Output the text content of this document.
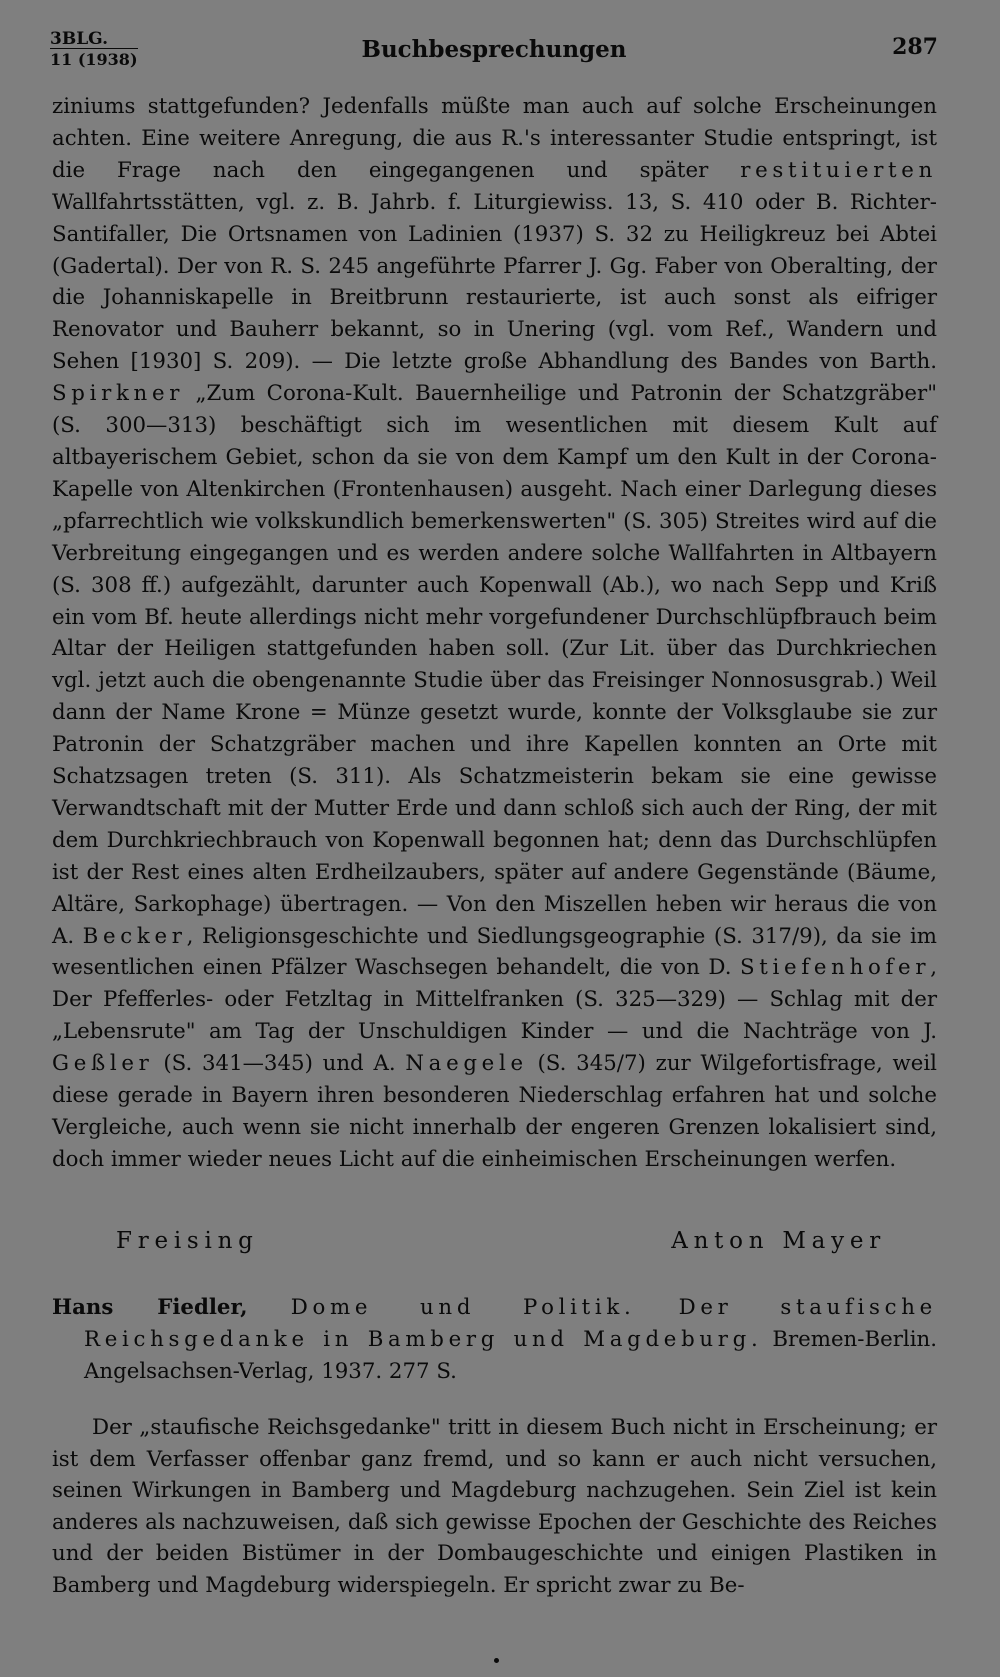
3BLG.
11 (1938)	Buchbesprechungen	287

ziniums stattgefunden? Jedenfalls müßte man auch auf solche Erscheinungen achten. Eine weitere Anregung, die aus R.'s interessanter Studie entspringt, ist die Frage nach den eingegangenen und später restituierten Wallfahrtsstätten, vgl. z. B. Jahrb. f. Liturgiewiss. 13, S. 410 oder B. Richter-Santifaller, Die Ortsnamen von Ladinien (1937) S. 32 zu Heiligkreuz bei Abtei (Gadertal). Der von R. S. 245 angeführte Pfarrer J. Gg. Faber von Oberalting, der die Johanniskapelle in Breitbrunn restaurierte, ist auch sonst als eifriger Renovator und Bauherr bekannt, so in Unering (vgl. vom Ref., Wandern und Sehen [1930] S. 209). — Die letzte große Abhandlung des Bandes von Barth. Spirkner „Zum Corona-Kult. Bauernheilige und Patronin der Schatzgräber" (S. 300—313) beschäftigt sich im wesentlichen mit diesem Kult auf altbayerischem Gebiet, schon da sie von dem Kampf um den Kult in der Corona-Kapelle von Altenkirchen (Frontenhausen) ausgeht. Nach einer Darlegung dieses „pfarrechtlich wie volkskundlich bemerkenswerten" (S. 305) Streites wird auf die Verbreitung eingegangen und es werden andere solche Wallfahrten in Altbayern (S. 308 ff.) aufgezählt, darunter auch Kopenwall (Ab.), wo nach Sepp und Kriß ein vom Bf. heute allerdings nicht mehr vorgefundener Durchschlüpfbrauch beim Altar der Heiligen stattgefunden haben soll. (Zur Lit. über das Durchkriechen vgl. jetzt auch die obengenannte Studie über das Freisinger Nonnosusgrab.) Weil dann der Name Krone = Münze gesetzt wurde, konnte der Volksglaube sie zur Patronin der Schatzgräber machen und ihre Kapellen konnten an Orte mit Schatzsagen treten (S. 311). Als Schatzmeisterin bekam sie eine gewisse Verwandtschaft mit der Mutter Erde und dann schloß sich auch der Ring, der mit dem Durchkriechbrauch von Kopenwall begonnen hat; denn das Durchschlüpfen ist der Rest eines alten Erdheilzaubers, später auf andere Gegenstände (Bäume, Altäre, Sarkophage) übertragen. — Von den Miszellen heben wir heraus die von A. Becker, Religionsgeschichte und Siedlungsgeographie (S. 317/9), da sie im wesentlichen einen Pfälzer Waschsegen behandelt, die von D. Stiefenhofer, Der Pfefferles- oder Fetzltag in Mittelfranken (S. 325—329) — Schlag mit der „Lebensrute" am Tag der Unschuldigen Kinder — und die Nachträge von J. Geßler (S. 341—345) und A. Naegele (S. 345/7) zur Wilgefortisfrage, weil diese gerade in Bayern ihren besonderen Niederschlag erfahren hat und solche Vergleiche, auch wenn sie nicht innerhalb der engeren Grenzen lokalisiert sind, doch immer wieder neues Licht auf die einheimischen Erscheinungen werfen.

Freising	Anton Mayer
Hans Fiedler, Dome und Politik. Der staufische Reichsgedanke in Bamberg und Magdeburg. Bremen-Berlin. Angelsachsen-Verlag, 1937. 277 S.
Der „staufische Reichsgedanke" tritt in diesem Buch nicht in Erscheinung; er ist dem Verfasser offenbar ganz fremd, und so kann er auch nicht versuchen, seinen Wirkungen in Bamberg und Magdeburg nachzugehen. Sein Ziel ist kein anderes als nachzuweisen, daß sich gewisse Epochen der Geschichte des Reiches und der beiden Bistümer in der Dombaugeschichte und einigen Plastiken in Bamberg und Magdeburg widerspiegeln. Er spricht zwar zu Be-
